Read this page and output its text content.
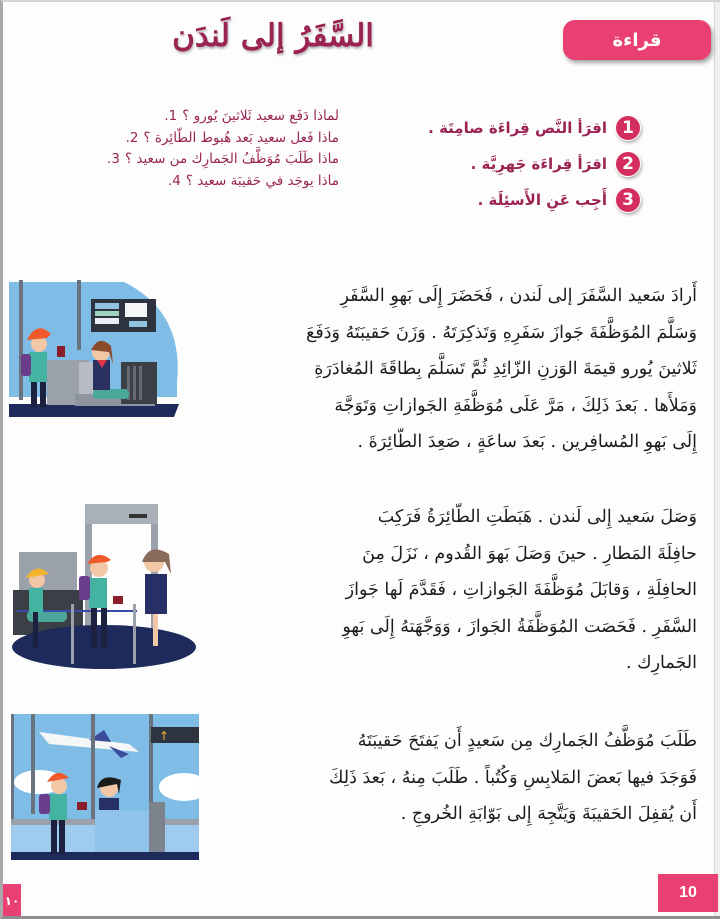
قراءة
السَّفَرُ إلى لَندَن
لماذا دَفَع سعيد ثَلاثينَ يُورو ؟
1.
ماذا فَعل سعيد بَعد هُبوط الطّائِرة ؟
2.
ماذا طَلَبَ مُوَظَّفُ الجَمارِك من سعيد ؟
3.
ماذا يوجَد في حَقيبَة سعيد ؟
4.
1
اقرَأ النَّص قِراءَة صامِتَة .
2
اقرَأ قِراءَة جَهرِيَّة .
3
أَجِب عَنِ الأَسئِلَة .
↑
أَرادَ سَعيد السَّفَرَ إلى لَندن ، فَحَضَرَ إِلَى بَهوِ السَّفَرِ
وَسَلَّمَ المُوَظَّفَةَ جَوازَ سَفَرِهِ وَتَذكِرَتَهُ . وَزَنَ حَقيبَتَهُ وَدَفَعَ
ثَلاثينَ يُورو قيمَةَ الوَزنِ الزّائِدِ ثُمَّ تَسَلَّمَ بِطاقَةَ المُغادَرَةِ
وَمَلأَها . بَعدَ ذَلِكَ ، مَرَّ عَلَى مُوَظَّفَةِ الجَوازاتِ وَتَوَجَّهَ
إِلَى بَهوِ المُسافِرين . بَعدَ ساعَةٍ ، صَعِدَ الطّائِرَةَ .
وَصَلَ سَعيد إِلى لَندن . هَبَطَتِ الطّائِرَةُ فَرَكِبَ
حافِلَةَ المَطارِ . حينَ وَصَلَ بَهوَ القُدوم ، نَزَلَ مِنَ
الحافِلَةِ ، وَقابَلَ مُوَظَّفَةَ الجَوازاتِ ، فَقَدَّمَ لَها جَوازَ
السَّفَرِ . فَحَصَت المُوَظَّفَةُ الجَوازَ ، وَوَجَّهَتهُ إِلَى بَهوِ
الجَمارِك .
طَلَبَ مُوَظَّفُ الجَمارِك مِن سَعيدٍ أَن يَفتَحَ حَقيبَتَهُ
فَوَجَدَ فيها بَعضَ المَلابِسِ وَكُتُباً . طَلَبَ مِنهُ ، بَعدَ ذَلِكَ
أَن يُقفِلَ الحَقيبَةَ وَيَتَّجِهَ إِلى بَوّابَةِ الخُروجِ .
١٠	10
